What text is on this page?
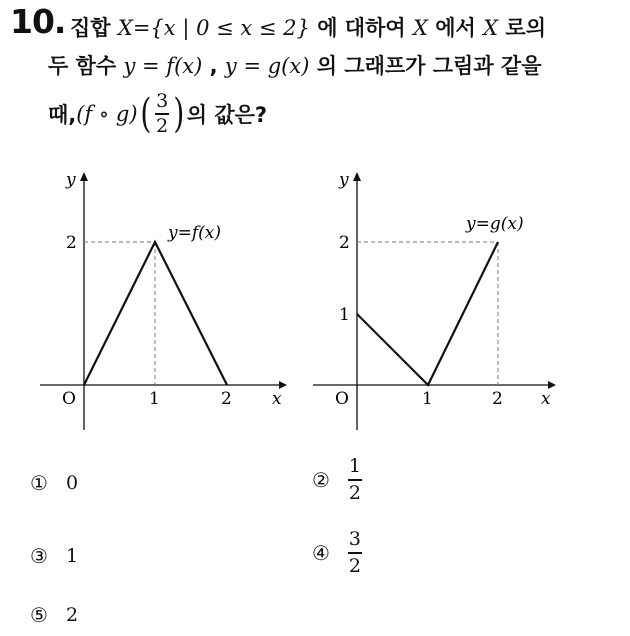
10. 집합 X={x | 0 ≤ x ≤ 2} 에 대하여 X 에서 X 로의
두 함수 y = f(x) , y = g(x) 의 그래프가 그림과 같을
때, (f ∘ g) ( $\frac{3}{2}$ ) 의 값은?
y
x
O
2
1	2
y=f(x)
y
x
O
1
2
1	2
y=g(x)
① 0	②
1
2
③ 1	④
3
2
⑤ 2
